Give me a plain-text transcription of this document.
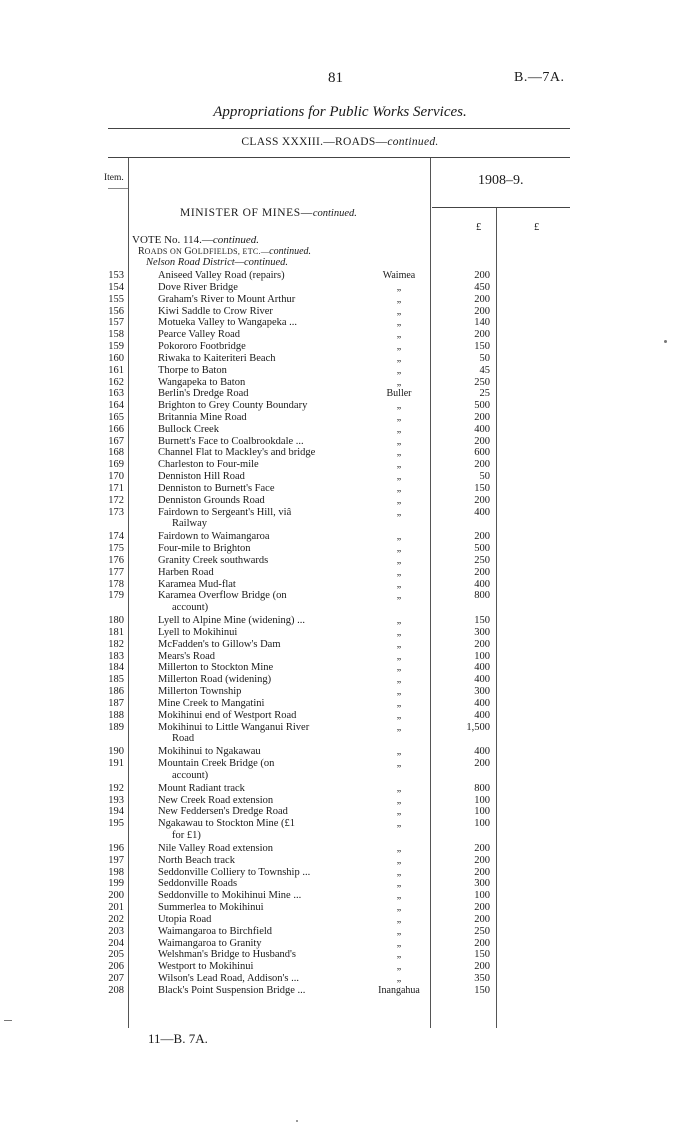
81	B.—7A.
Appropriations for Public Works Services.
CLASS XXXIII.—ROADS—continued.
Item.	1908–9.
MINISTER OF MINES—continued.
£	£
VOTE No. 114.—continued.
ROADS ON GOLDFIELDS, ETC.—continued.
Nelson Road District—continued.
153	Aniseed Valley Road (repairs)	Waimea	200
154	Dove River Bridge	„	450
155	Graham's River to Mount Arthur	„	200
156	Kiwi Saddle to Crow River	„	200
157	Motueka Valley to Wangapeka ...	„	140
158	Pearce Valley Road	„	200
159	Pokororo Footbridge	„	150
160	Riwaka to Kaiteriteri Beach	„	50
161	Thorpe to Baton	„	45
162	Wangapeka to Baton	„	250
163	Berlin's Dredge Road	Buller	25
164	Brighton to Grey County Boundary	„	500
165	Britannia Mine Road	„	200
166	Bullock Creek	„	400
167	Burnett's Face to Coalbrookdale ...	„	200
168	Channel Flat to Mackley's and bridge	„	600
169	Charleston to Four-mile	„	200
170	Denniston Hill Road	„	50
171	Denniston to Burnett's Face	„	150
172	Denniston Grounds Road	„	200
173	Fairdown to Sergeant's Hill, viâ	„	400
Railway
174	Fairdown to Waimangaroa	„	200
175	Four-mile to Brighton	„	500
176	Granity Creek southwards	„	250
177	Harben Road	„	200
178	Karamea Mud-flat	„	400
179	Karamea Overflow Bridge (on	„	800
account)
180	Lyell to Alpine Mine (widening) ...	„	150
181	Lyell to Mokihinui	„	300
182	McFadden's to Gillow's Dam	„	200
183	Mears's Road	„	100
184	Millerton to Stockton Mine	„	400
185	Millerton Road (widening)	„	400
186	Millerton Township	„	300
187	Mine Creek to Mangatini	„	400
188	Mokihinui end of Westport Road	„	400
189	Mokihinui to Little Wanganui River	„	1,500
Road
190	Mokihinui to Ngakawau	„	400
191	Mountain Creek Bridge (on	„	200
account)
192	Mount Radiant track	„	800
193	New Creek Road extension	„	100
194	New Feddersen's Dredge Road	„	100
195	Ngakawau to Stockton Mine (£1	„	100
for £1)
196	Nile Valley Road extension	„	200
197	North Beach track	„	200
198	Seddonville Colliery to Township ...	„	200
199	Seddonville Roads	„	300
200	Seddonville to Mokihinui Mine ...	„	100
201	Summerlea to Mokihinui	„	200
202	Utopia Road	„	200
203	Waimangaroa to Birchfield	„	250
204	Waimangaroa to Granity	„	200
205	Welshman's Bridge to Husband's	„	150
206	Westport to Mokihinui	„	200
207	Wilson's Lead Road, Addison's ...	„	350
208	Black's Point Suspension Bridge ...	Inangahua	150
11—B. 7A.
